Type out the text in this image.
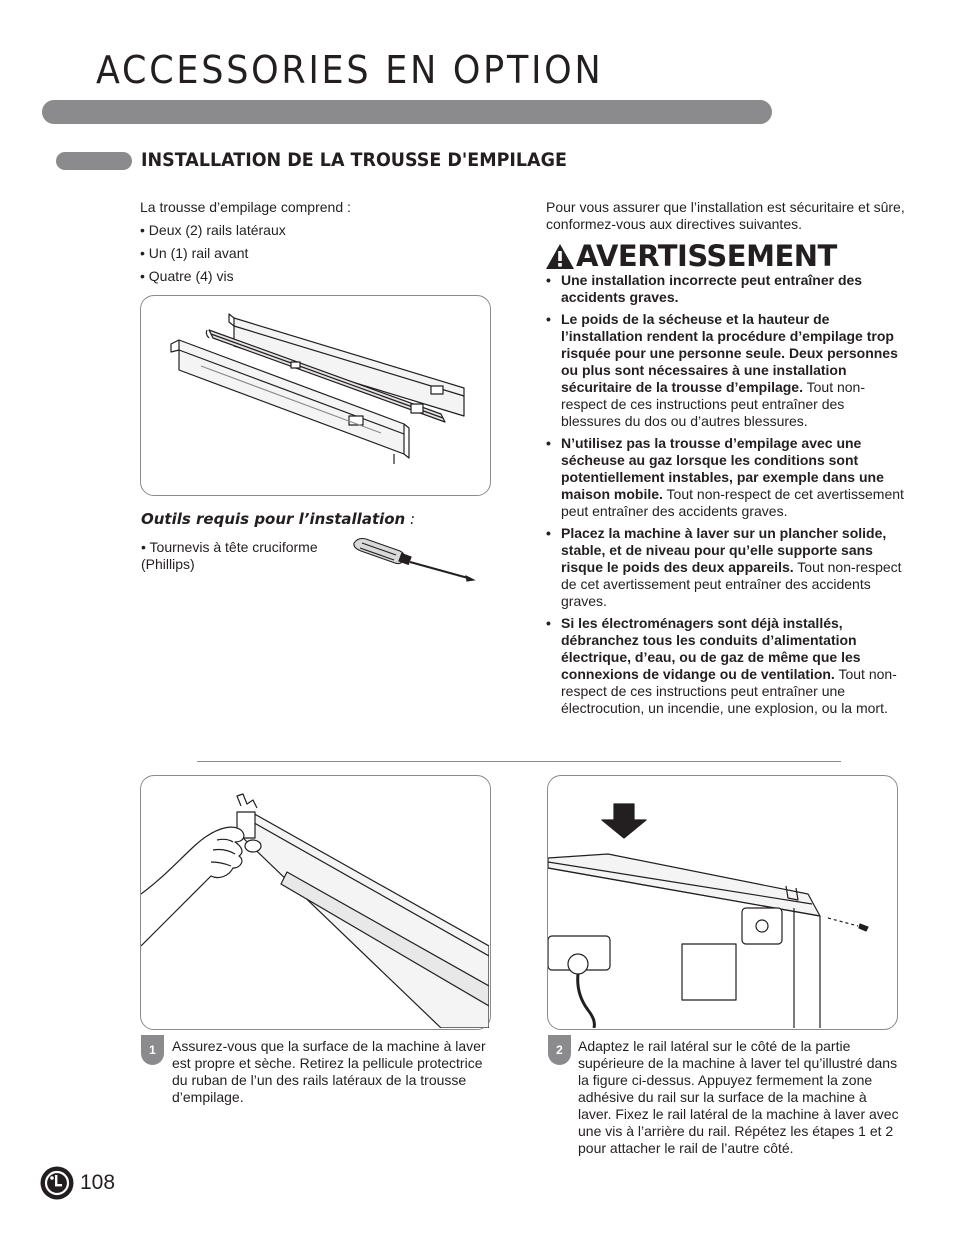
ACCESSORIES EN OPTION
INSTALLATION DE LA TROUSSE D'EMPILAGE

La trousse d’empilage comprend :

• Deux (2) rails latéraux
• Un (1) rail avant
• Quatre (4) vis
Outils requis pour l’installation :
• Tournevis à tête cruciforme (Phillips)
Pour vous assurer que l’installation est sécuritaire et sûre, conformez-vous aux directives suivantes.
AVERTISSEMENT
• Une installation incorrecte peut entraîner des accidents graves.
• Le poids de la sécheuse et la hauteur de l’installation rendent la procédure d’empilage trop risquée pour une personne seule. Deux personnes ou plus sont nécessaires à une installation sécuritaire de la trousse d’empilage. Tout non-respect de ces instructions peut entraîner des blessures du dos ou d’autres blessures.
• N’utilisez pas la trousse d’empilage avec une sécheuse au gaz lorsque les conditions sont potentiellement instables, par exemple dans une maison mobile. Tout non-respect de cet avertissement peut entraîner des accidents graves.
• Placez la machine à laver sur un plancher solide, stable, et de niveau pour qu’elle supporte sans risque le poids des deux appareils. Tout non-respect de cet avertissement peut entraîner des accidents graves.
• Si les électroménagers sont déjà installés, débranchez tous les conduits d’alimentation électrique, d’eau, ou de gaz de même que les connexions de vidange ou de ventilation. Tout non-respect de ces instructions peut entraîner une électrocution, un incendie, une explosion, ou la mort.
1	Assurez-vous que la surface de la machine à laver est propre et sèche. Retirez la pellicule protectrice du ruban de l’un des rails latéraux de la trousse d’empilage.
2	Adaptez le rail latéral sur le côté de la partie supérieure de la machine à laver tel qu’illustré dans la figure ci-dessus. Appuyez fermement la zone adhésive du rail sur la surface de la machine à laver. Fixez le rail latéral de la machine à laver avec une vis à l’arrière du rail. Répétez les étapes 1 et 2 pour attacher le rail de l’autre côté.
108
